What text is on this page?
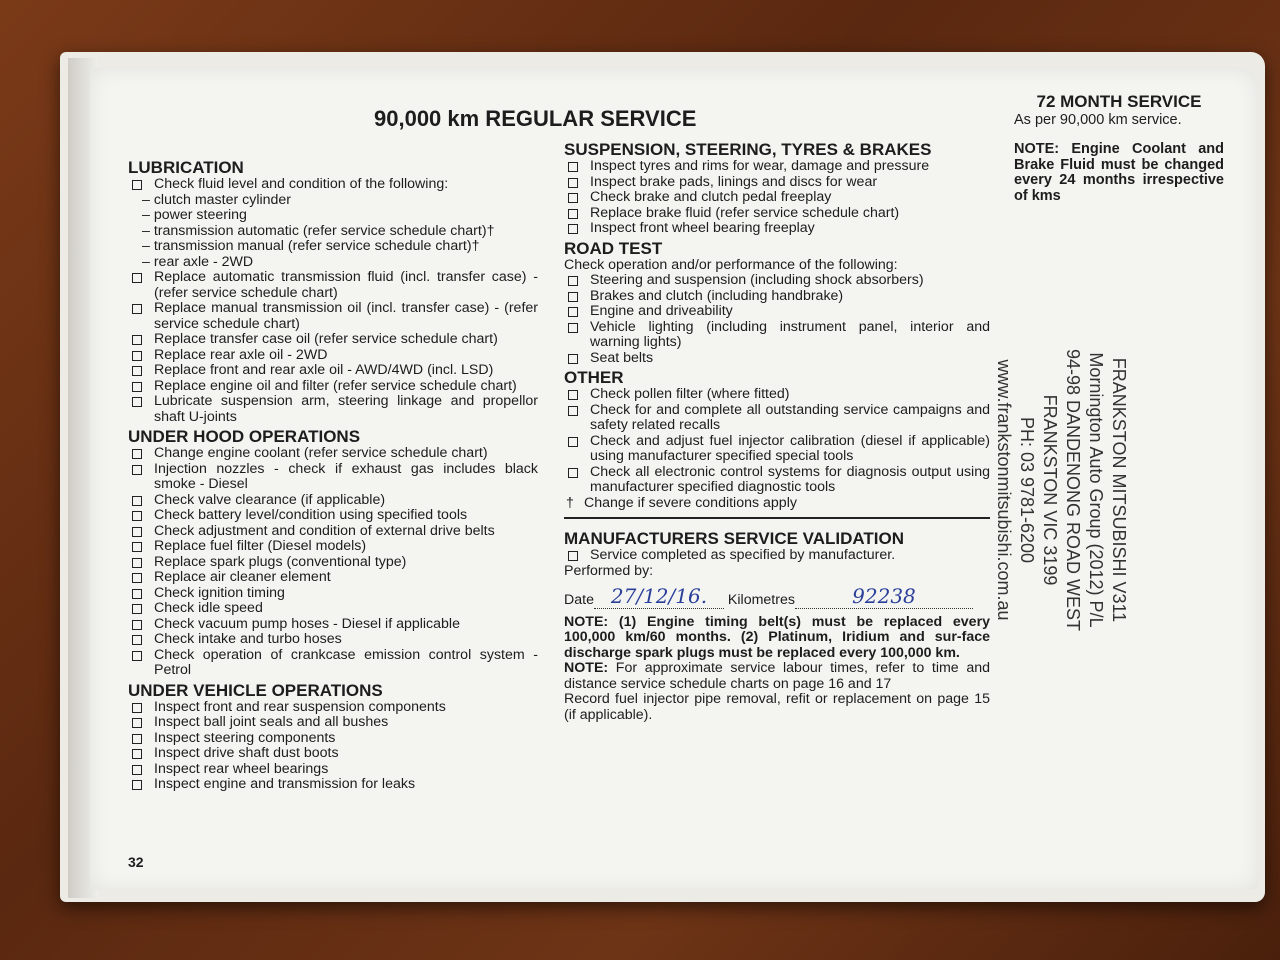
90,000 km REGULAR SERVICE
LUBRICATION
Check fluid level and condition of the following:
– clutch master cylinder
– power steering
– transmission automatic (refer service schedule chart)†
– transmission manual (refer service schedule chart)†
– rear axle - 2WD
Replace automatic transmission fluid (incl. transfer case) - (refer service schedule chart)
Replace manual transmission oil (incl. transfer case) - (refer service schedule chart)
Replace transfer case oil (refer service schedule chart)
Replace rear axle oil - 2WD
Replace front and rear axle oil - AWD/4WD (incl. LSD)
Replace engine oil and filter (refer service schedule chart)
Lubricate suspension arm, steering linkage and propellor shaft U-joints
UNDER HOOD OPERATIONS
Change engine coolant (refer service schedule chart)
Injection nozzles - check if exhaust gas includes black smoke - Diesel
Check valve clearance (if applicable)
Check battery level/condition using specified tools
Check adjustment and condition of external drive belts
Replace fuel filter (Diesel models)
Replace spark plugs (conventional type)
Replace air cleaner element
Check ignition timing
Check idle speed
Check vacuum pump hoses - Diesel if applicable
Check intake and turbo hoses
Check operation of crankcase emission control system - Petrol
UNDER VEHICLE OPERATIONS
Inspect front and rear suspension components
Inspect ball joint seals and all bushes
Inspect steering components
Inspect drive shaft dust boots
Inspect rear wheel bearings
Inspect engine and transmission for leaks
SUSPENSION, STEERING, TYRES & BRAKES
Inspect tyres and rims for wear, damage and pressure
Inspect brake pads, linings and discs for wear
Check brake and clutch pedal freeplay
Replace brake fluid (refer service schedule chart)
Inspect front wheel bearing freeplay
ROAD TEST
Check operation and/or performance of the following:
Steering and suspension (including shock absorbers)
Brakes and clutch (including handbrake)
Engine and driveability
Vehicle lighting (including instrument panel, interior and warning lights)
Seat belts
OTHER
Check pollen filter (where fitted)
Check for and complete all outstanding service campaigns and safety related recalls
Check and adjust fuel injector calibration (diesel if applicable) using manufacturer specified special tools
Check all electronic control systems for diagnosis output using manufacturer specified diagnostic tools
† Change if severe conditions apply
MANUFACTURERS SERVICE VALIDATION
Service completed as specified by manufacturer.
Performed by:
Date 27/12/16. Kilometres	92238
NOTE: (1) Engine timing belt(s) must be replaced every 100,000 km/60 months. (2) Platinum, Iridium and sur-face discharge spark plugs must be replaced every 100,000 km.
NOTE: For approximate service labour times, refer to time and distance service schedule charts on page 16 and 17
Record fuel injector pipe removal, refit or replacement on page 15 (if applicable).
72 MONTH SERVICE
As per 90,000 km service.
NOTE: Engine Coolant and Brake Fluid must be changed every 24 months irrespective of kms
32
FRANKSTON MITSUBISHI V311
Mornington Auto Group (2012) P/L
94-98 DANDENONG ROAD WEST
FRANKSTON VIC 3199
PH: 03 9781-6200
www.frankstonmitsubishi.com.au
